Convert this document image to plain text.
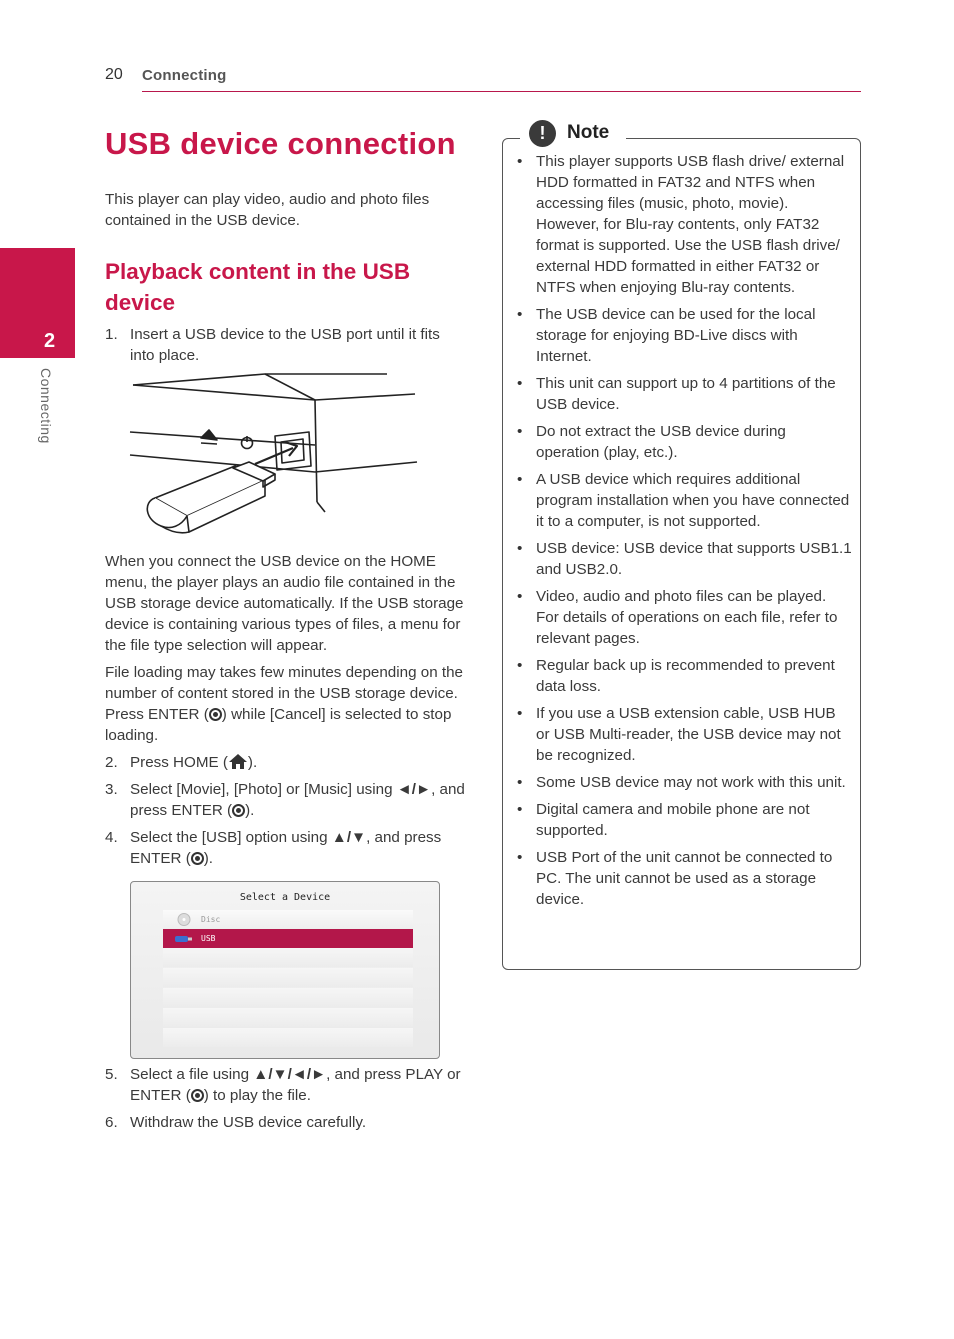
20 Connecting
2
Connecting
USB device connection

This player can play video, audio and photo files contained in the USB device.

Playback content in the USB device
1. Insert a USB device to the USB port until it fits into place.

When you connect the USB device on the HOME menu, the player plays an audio file contained in the USB storage device automatically. If the USB storage device is containing various types of files, a menu for the file type selection will appear.

File loading may takes few minutes depending on the number of content stored in the USB storage device. Press ENTER ( ) while [Cancel] is selected to stop loading.

2. Press HOME ( ).
3. Select [Movie], [Photo] or [Music] using ◄/►, and press ENTER ( ).
4. Select the [USB] option using ▲/▼, and press ENTER ( ).
Select a Device
Disc
USB
5. Select a file using ▲/▼/◄/►, and press PLAY or ENTER ( ) to play the file.
6. Withdraw the USB device carefully.
!	Note
• This player supports USB flash drive/ external HDD formatted in FAT32 and NTFS when accessing files (music, photo, movie). However, for Blu-ray contents, only FAT32 format is supported. Use the USB flash drive/ external HDD formatted in either FAT32 or NTFS when enjoying Blu-ray contents.
• The USB device can be used for the local storage for enjoying BD-Live discs with Internet.
• This unit can support up to 4 partitions of the USB device.
• Do not extract the USB device during operation (play, etc.).
• A USB device which requires additional program installation when you have connected it to a computer, is not supported.
• USB device: USB device that supports USB1.1 and USB2.0.
• Video, audio and photo files can be played. For details of operations on each file, refer to relevant pages.
• Regular back up is recommended to prevent data loss.
• If you use a USB extension cable, USB HUB or USB Multi-reader, the USB device may not be recognized.
• Some USB device may not work with this unit.
• Digital camera and mobile phone are not supported.
• USB Port of the unit cannot be connected to PC. The unit cannot be used as a storage device.
